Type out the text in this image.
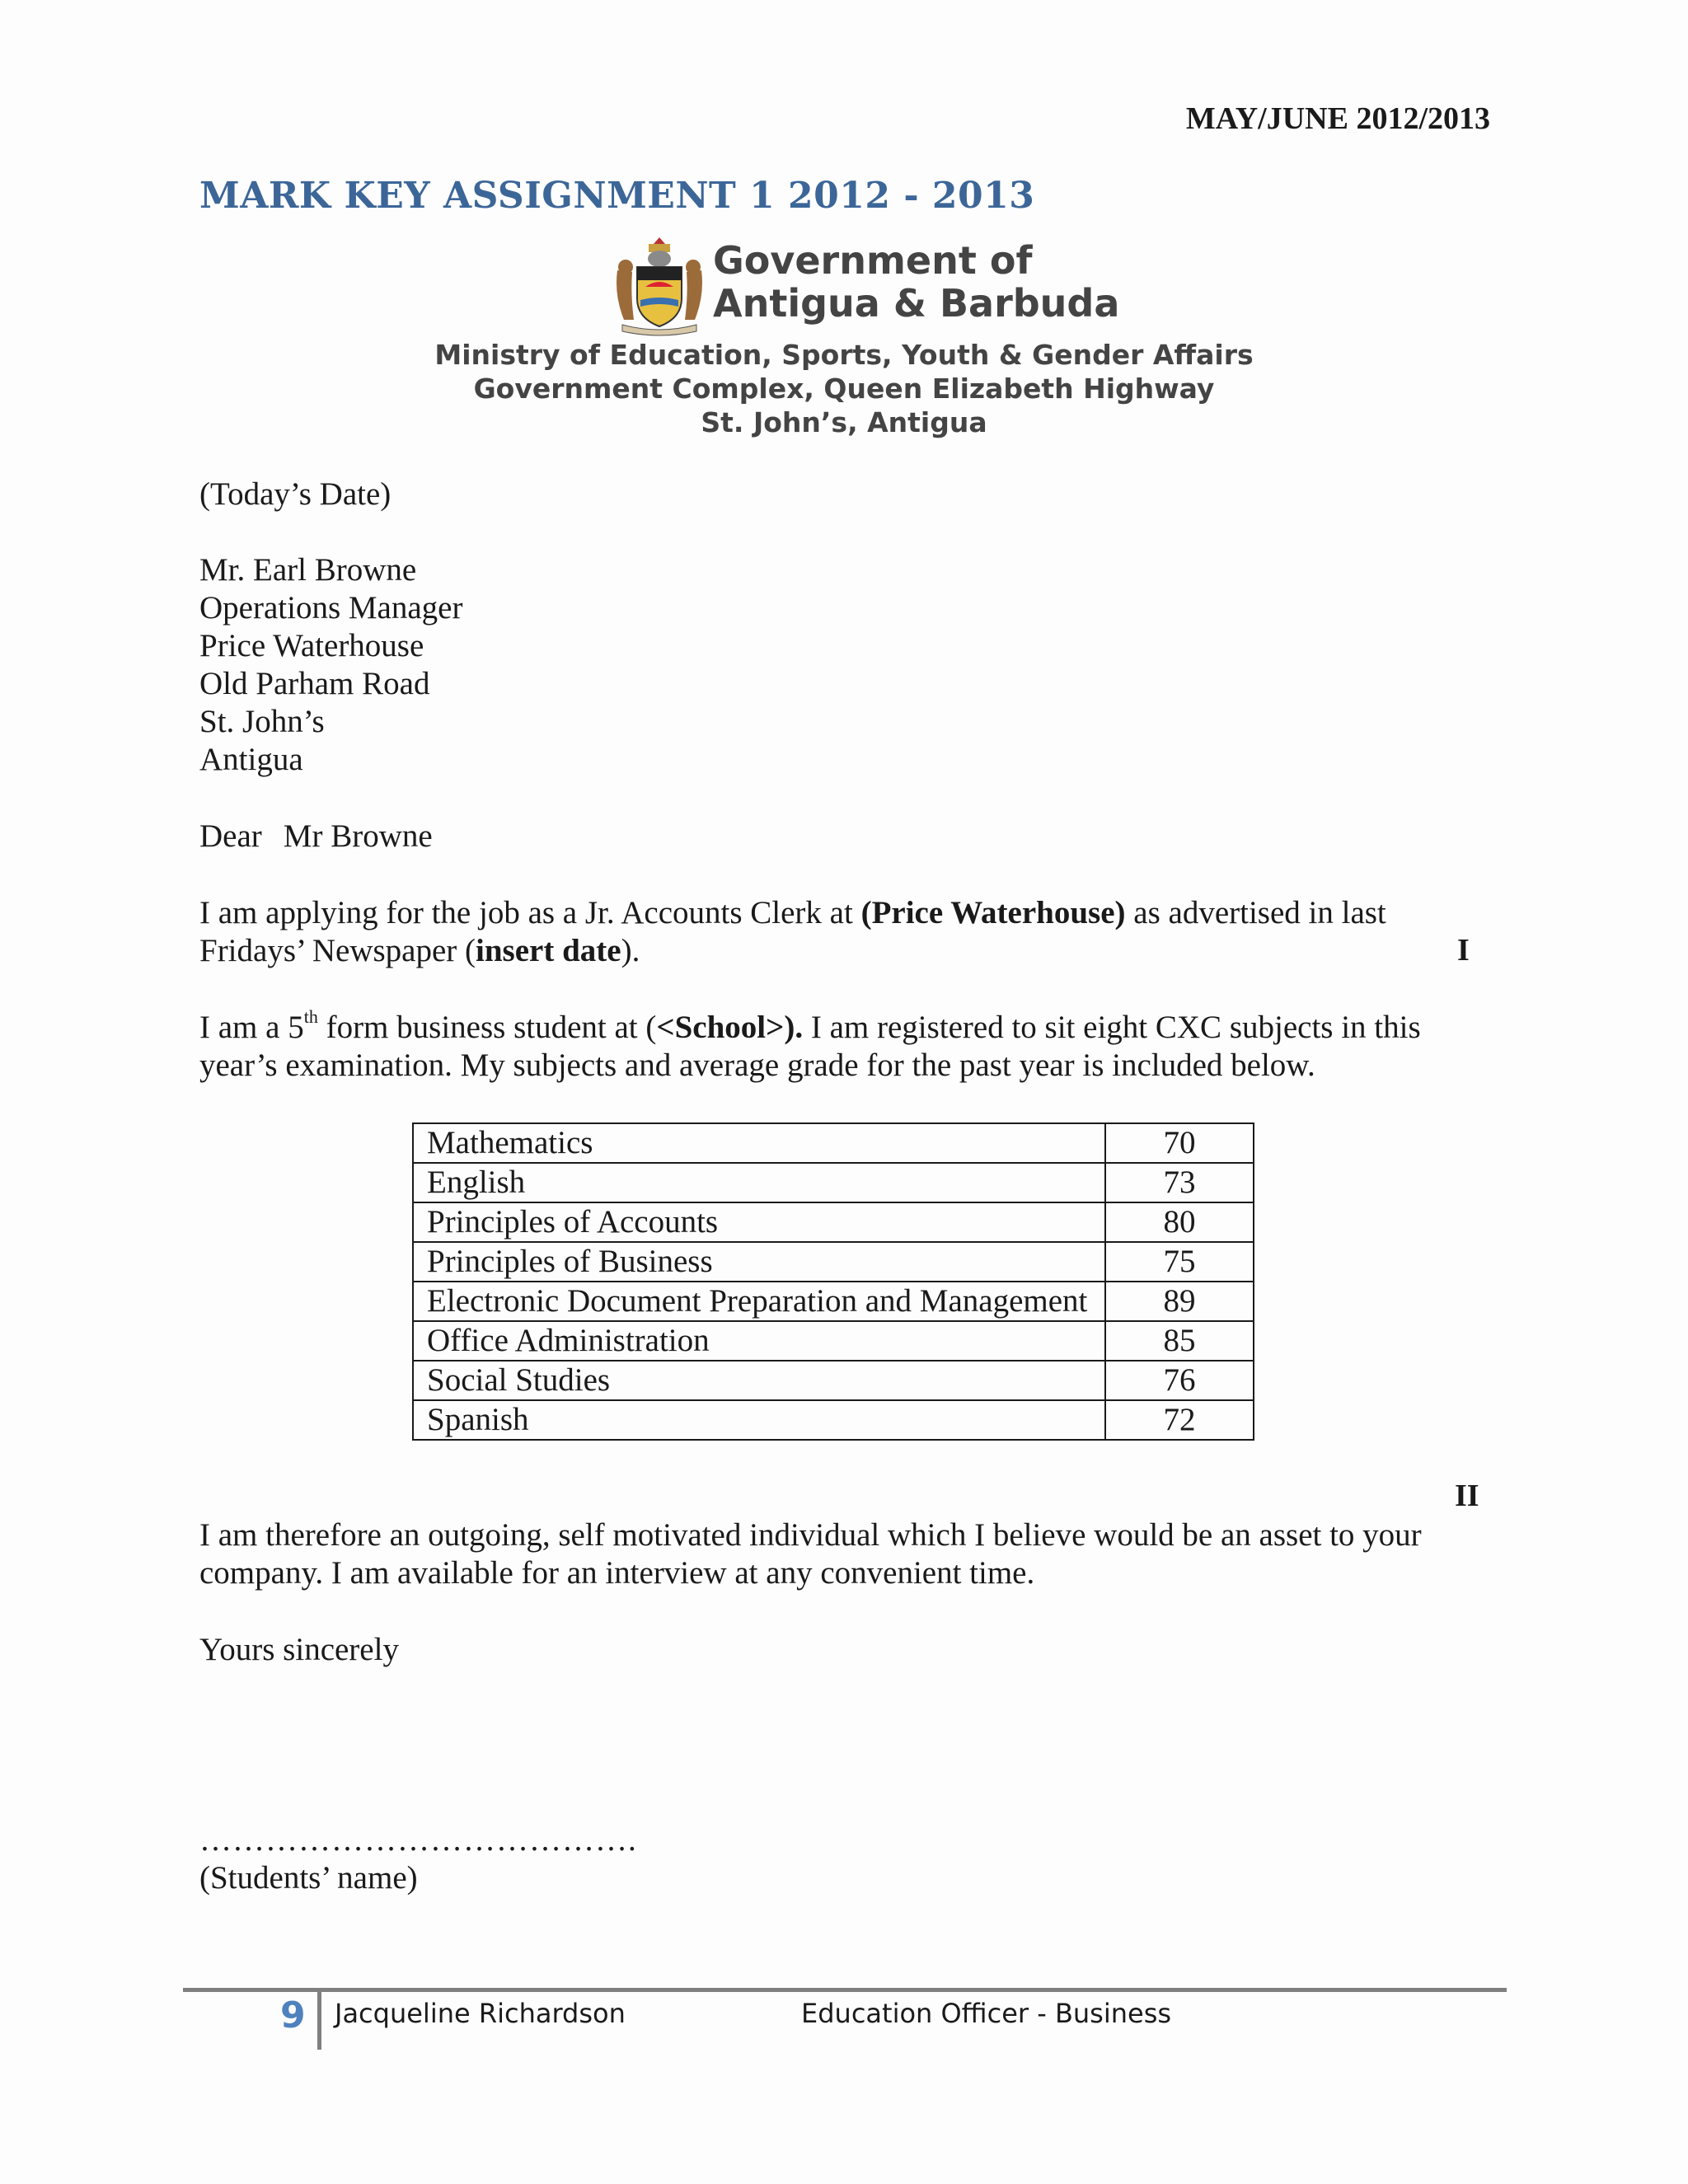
MAY/JUNE 2012/2013
MARK KEY ASSIGNMENT 1 2012 - 2013
Government of
Antigua & Barbuda
Ministry of Education, Sports, Youth & Gender Affairs
Government Complex, Queen Elizabeth Highway
St. John’s, Antigua
(Today’s Date)
Mr. Earl Browne
Operations Manager
Price Waterhouse
Old Parham Road
St. John’s
Antigua
Dear Mr Browne
I am applying for the job as a Jr. Accounts Clerk at (Price Waterhouse) as advertised in last Fridays’ Newspaper (insert date).	I
I am a 5th form business student at (<School>). I am registered to sit eight CXC subjects in this year’s examination. My subjects and average grade for the past year is included below.
Mathematics	70
English	73
Principles of Accounts	80
Principles of Business	75
Electronic Document Preparation and Management	89
Office Administration	85
Social Studies	76
Spanish	72
II
I am therefore an outgoing, self motivated individual which I believe would be an asset to your company. I am available for an interview at any convenient time.
Yours sincerely
………………………………….
(Students’ name)
9 Jacqueline Richardson	Education Officer - Business
